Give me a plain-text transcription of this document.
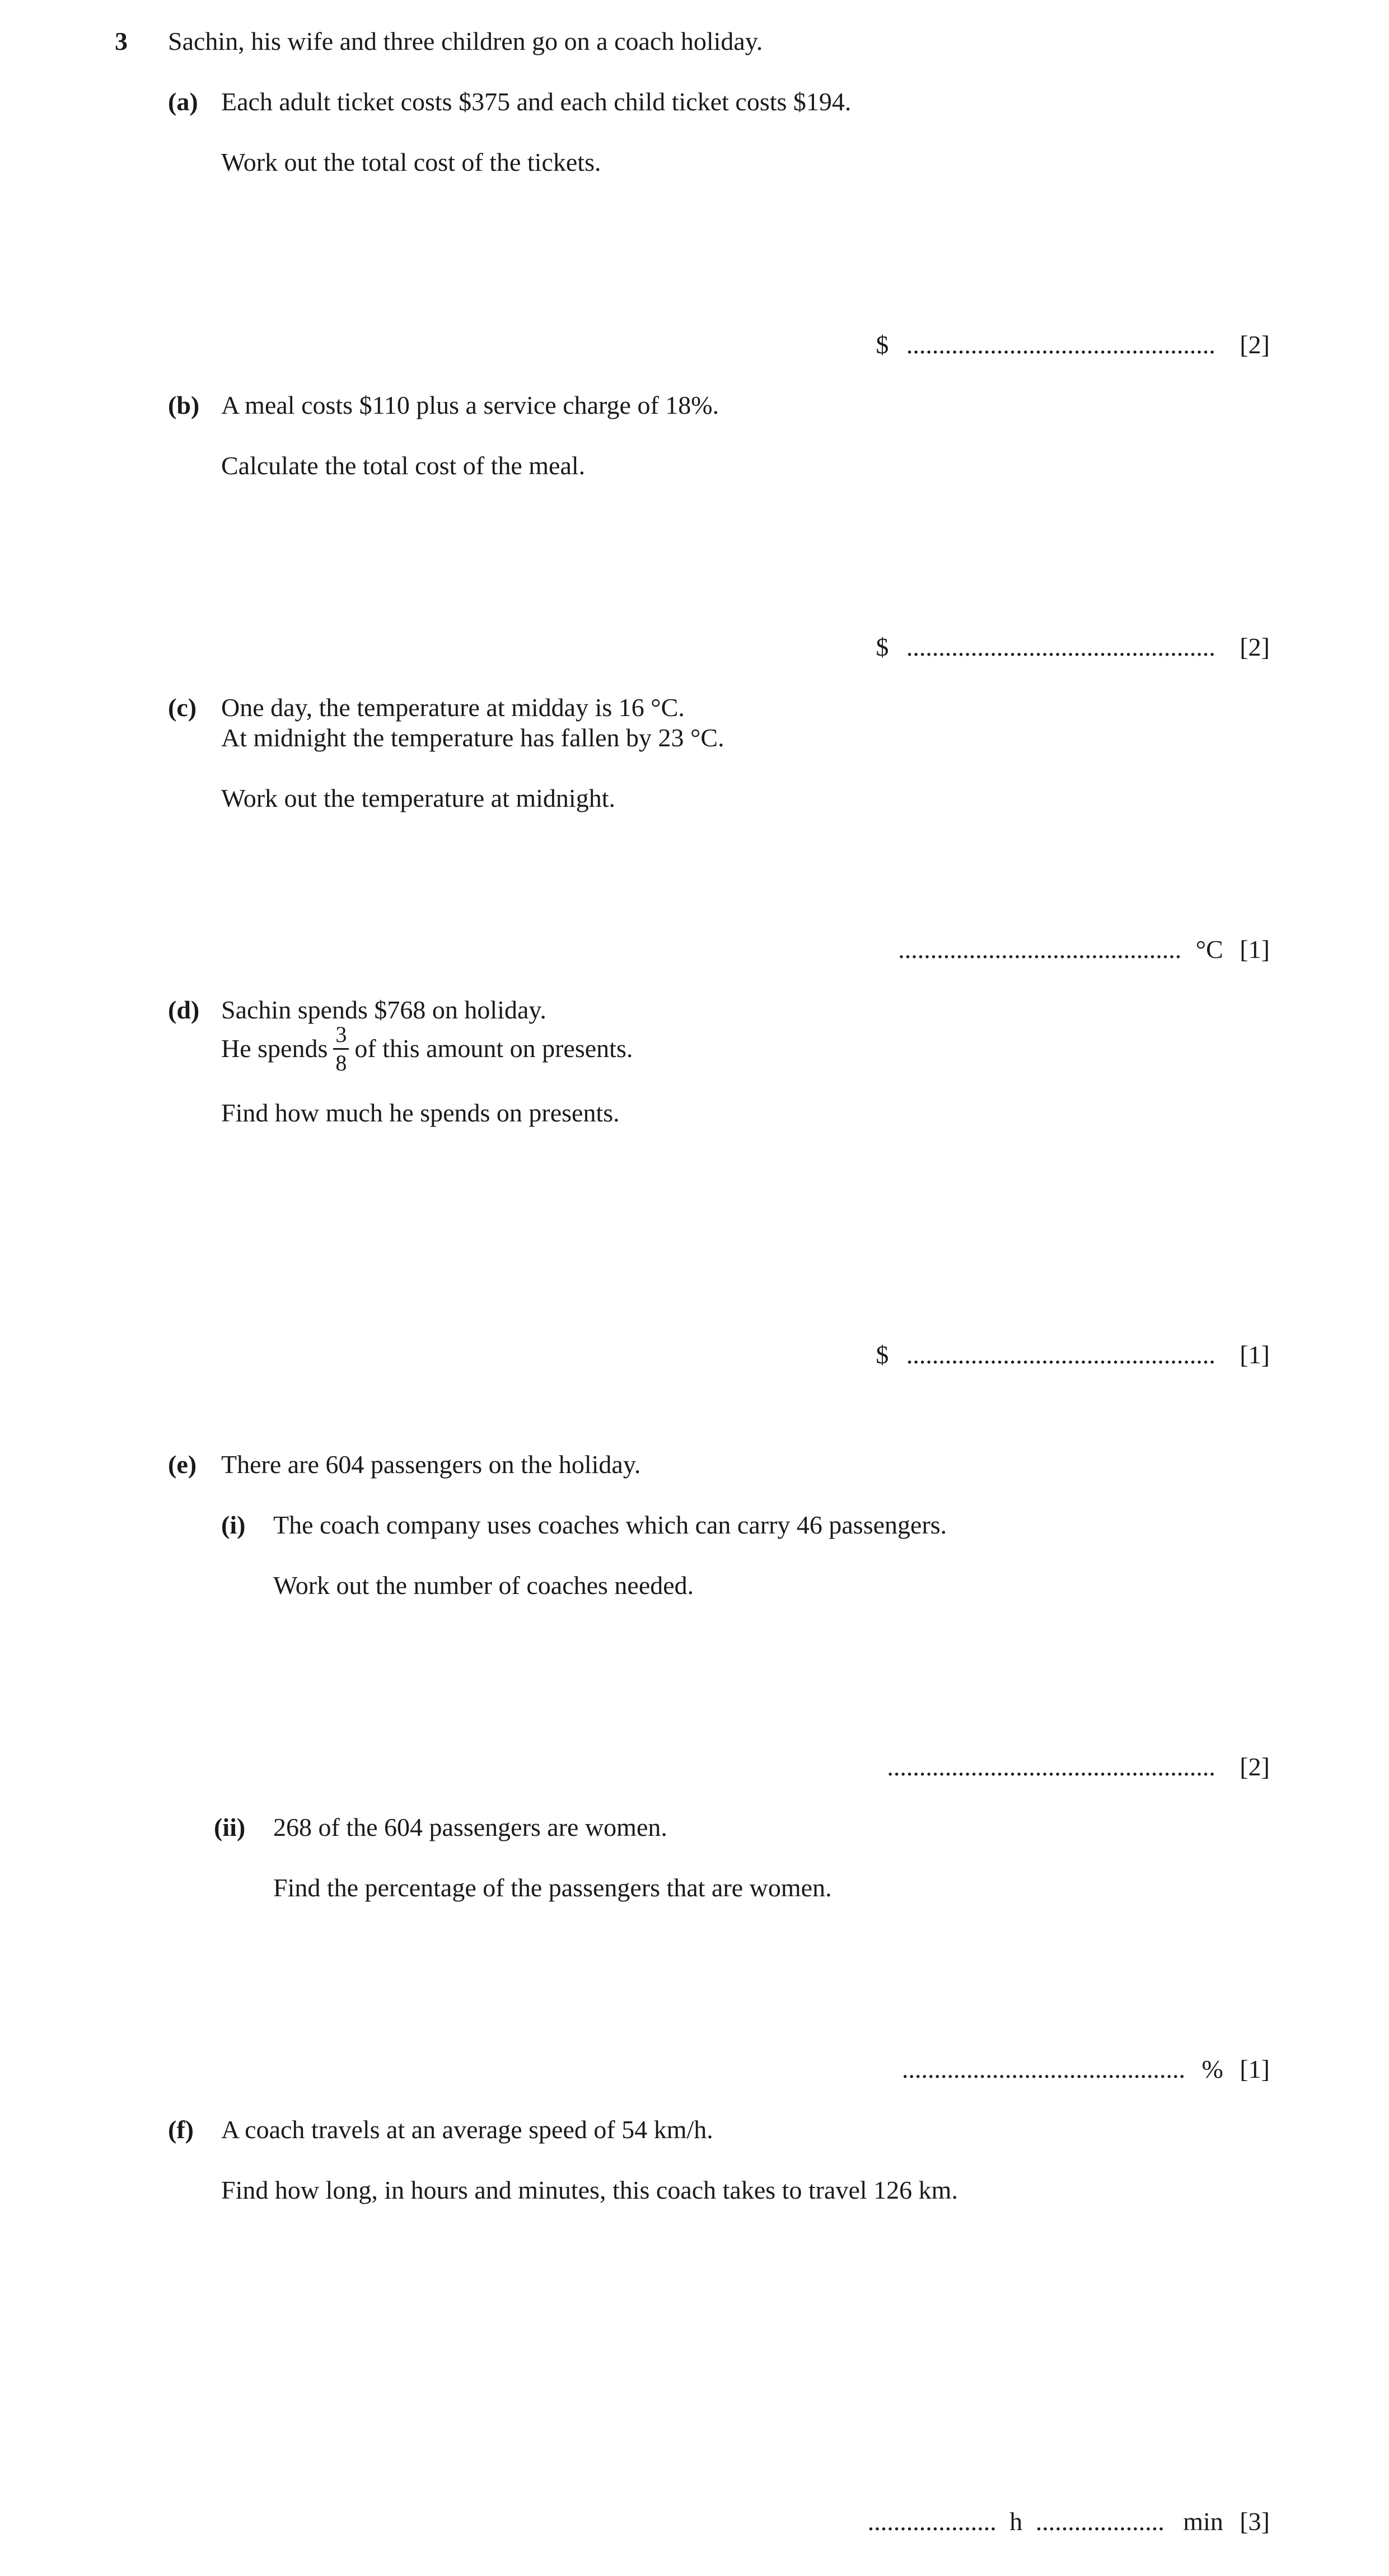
3 Sachin, his wife and three children go on a coach holiday.
(a) Each adult ticket costs $375 and each child ticket costs $194.
Work out the total cost of the tickets.
$ ................................................ [2]
(b) A meal costs $110 plus a service charge of 18%.
Calculate the total cost of the meal.
$ ................................................ [2]
(c) One day, the temperature at midday is 16 °C.
At midnight the temperature has fallen by 23 °C.
Work out the temperature at midnight.
............................................ °C [1]
(d) Sachin spends $768 on holiday.
He spends $\frac{3}{8}$ of this amount on presents.
Find how much he spends on presents.
$ ................................................ [1]
(e) There are 604 passengers on the holiday.
(i) The coach company uses coaches which can carry 46 passengers.
Work out the number of coaches needed.
................................................... [2]
(ii) 268 of the 604 passengers are women.
Find the percentage of the passengers that are women.
............................................ % [1]
(f) A coach travels at an average speed of 54 km/h.
Find how long, in hours and minutes, this coach takes to travel 126 km.
.................... h .................... min [3]
